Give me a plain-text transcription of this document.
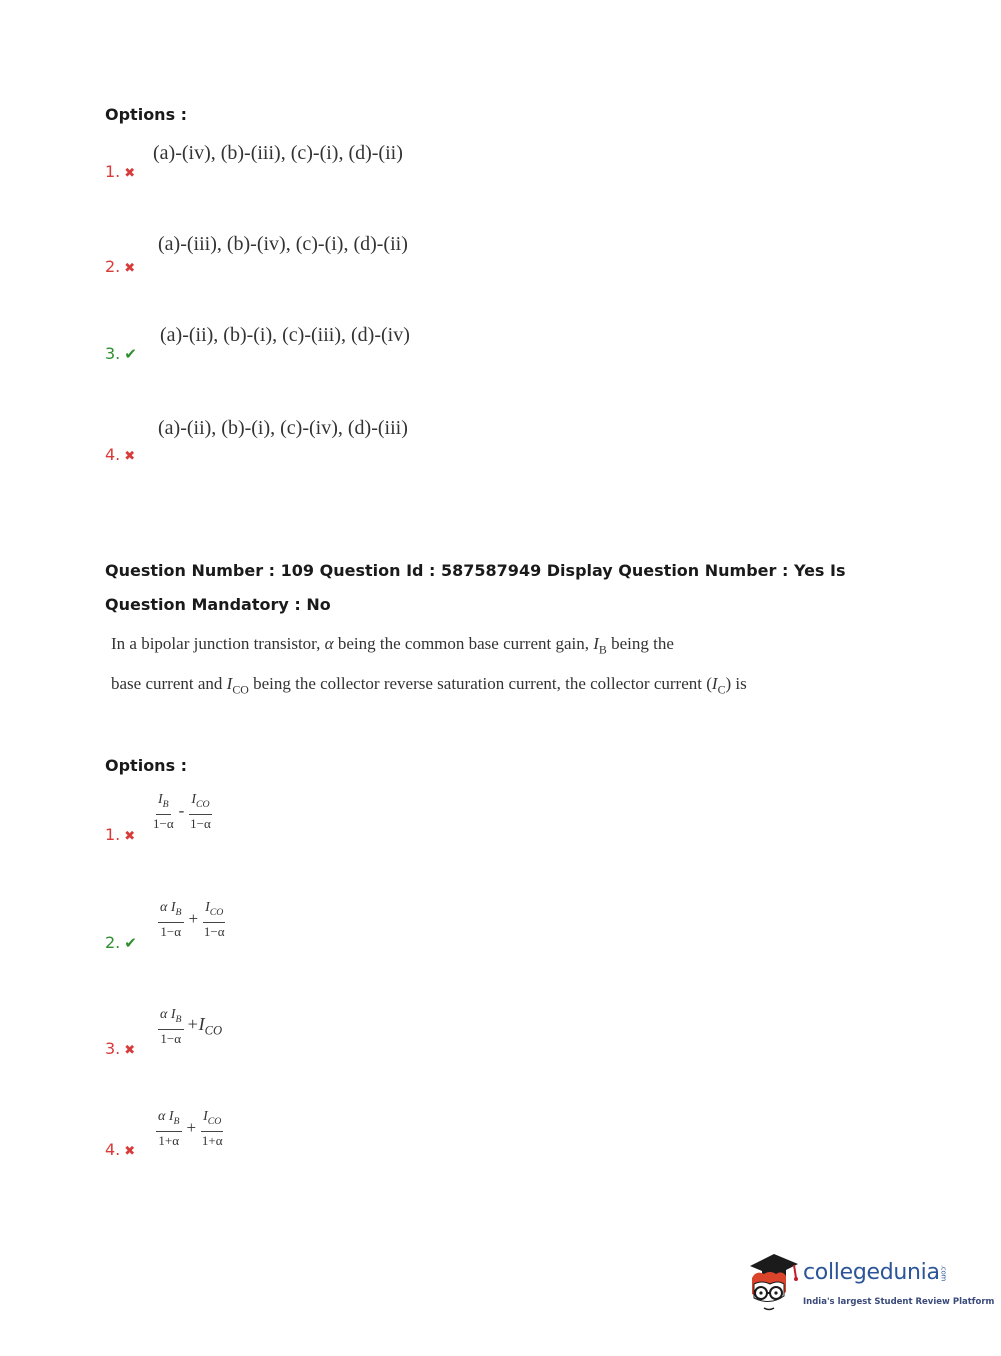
Options :
(a)-(iv), (b)-(iii), (c)-(i), (d)-(ii)
1. ✖
(a)-(iii), (b)-(iv), (c)-(i), (d)-(ii)
2. ✖
(a)-(ii), (b)-(i), (c)-(iii), (d)-(iv)
3. ✔
(a)-(ii), (b)-(i), (c)-(iv), (d)-(iii)
4. ✖
Question Number : 109 Question Id : 587587949 Display Question Number : Yes Is Question Mandatory : No
In a bipolar junction transistor, α being the common base current gain, $I_B$ being the
base current and $I_{CO}$ being the collector reverse saturation current, the collector current $(I_C)$ is
Options :
$\frac{I_B}{1-\alpha} - \frac{I_{CO}}{1-\alpha}$
1. ✖
$\frac{\alpha I_B}{1-\alpha} + \frac{I_{CO}}{1-\alpha}$
2. ✔
$\frac{\alpha I_B}{1-\alpha} +I_{CO}$
3. ✖
$\frac{\alpha I_B}{1+\alpha} + \frac{I_{CO}}{1+\alpha}$
4. ✖
collegedunia.com
India's largest Student Review Platform
